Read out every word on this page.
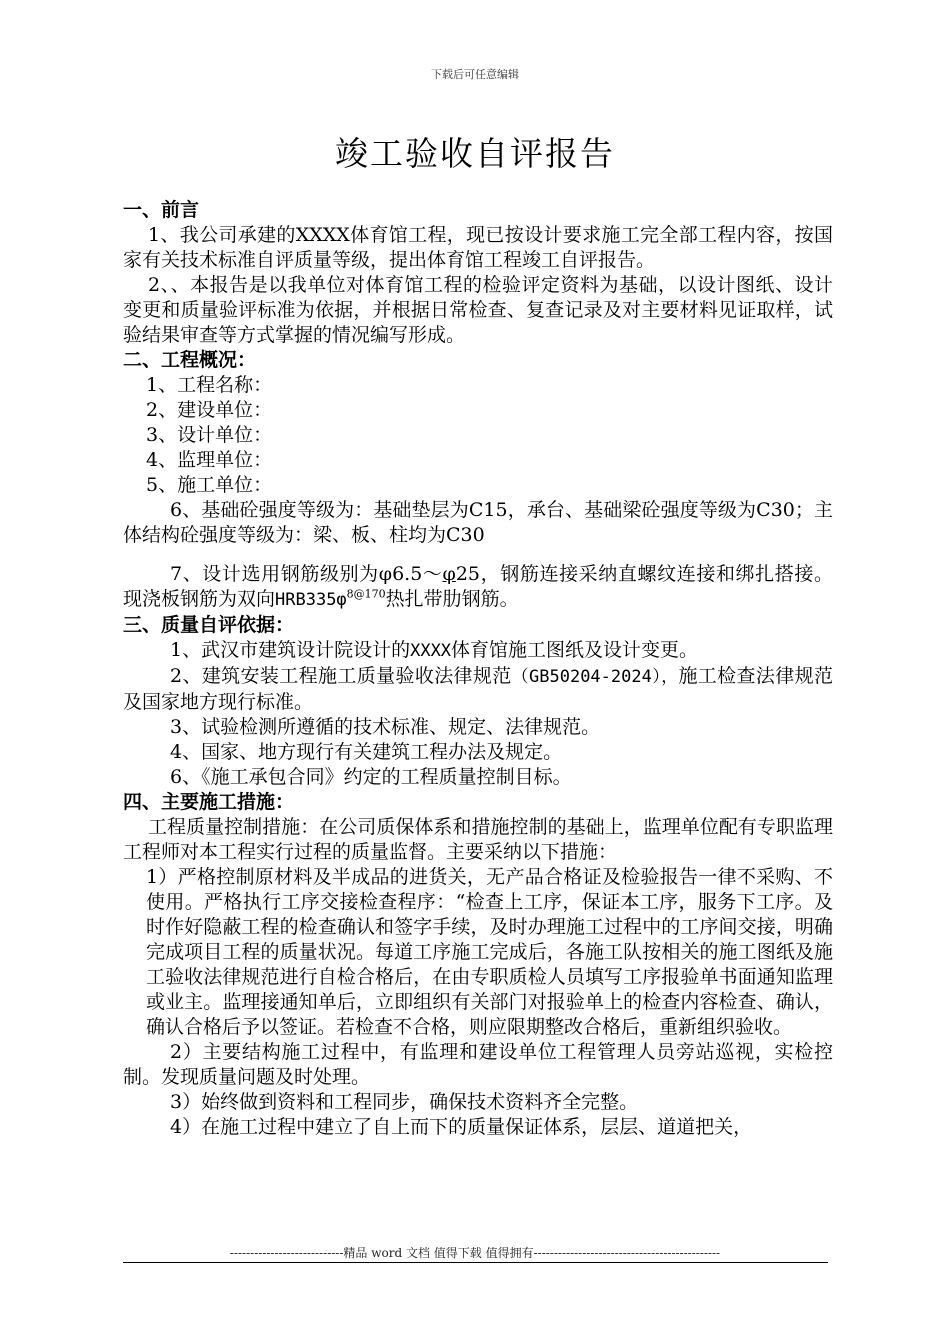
下载后可任意编辑
竣工验收自评报告
一、前言

1、我公司承建的XXXX体育馆工程，现已按设计要求施工完全部工程内容，按国家有关技术标准自评质量等级，提出体育馆工程竣工自评报告。

2、、本报告是以我单位对体育馆工程的检验评定资料为基础，以设计图纸、设计变更和质量验评标准为依据，并根据日常检查、复查记录及对主要材料见证取样，试验结果审查等方式掌握的情况编写形成。

二、工程概况：

1、工程名称：

2、建设单位：

3、设计单位：

4、监理单位：

5、施工单位：

6、基础砼强度等级为：基础垫层为C15，承台、基础梁砼强度等级为C30；主体结构砼强度等级为：梁、板、柱均为C30

7、设计选用钢筋级别为φ6.5～φ25，钢筋连接采纳直螺纹连接和绑扎搭接。现浇板钢筋为双向$HRB335\varphi^{8@170}$热扎带肋钢筋。

三、质量自评依据：

1、武汉市建筑设计院设计的XXXX体育馆施工图纸及设计变更。

2、建筑安装工程施工质量验收法律规范（GB50204-2024），施工检查法律规范及国家地方现行标准。

3、试验检测所遵循的技术标准、规定、法律规范。

4、国家、地方现行有关建筑工程办法及规定。

6、《施工承包合同》约定的工程质量控制目标。

四、主要施工措施：

工程质量控制措施：在公司质保体系和措施控制的基础上，监理单位配有专职监理工程师对本工程实行过程的质量监督。主要采纳以下措施：

1）严格控制原材料及半成品的进货关，无产品合格证及检验报告一律不采购、不使用。严格执行工序交接检查程序：“检查上工序，保证本工序，服务下工序。及时作好隐蔽工程的检查确认和签字手续，及时办理施工过程中的工序间交接，明确完成项目工程的质量状况。每道工序施工完成后，各施工队按相关的施工图纸及施工验收法律规范进行自检合格后，在由专职质检人员填写工序报验单书面通知监理或业主。监理接通知单后，立即组织有关部门对报验单上的检查内容检查、确认，确认合格后予以签证。若检查不合格，则应限期整改合格后，重新组织验收。

2）主要结构施工过程中，有监理和建设单位工程管理人员旁站巡视，实检控制。发现质量问题及时处理。

3）始终做到资料和工程同步，确保技术资料齐全完整。

4）在施工过程中建立了自上而下的质量保证体系，层层、道道把关，

----------------------------精品 word 文档 值得下载 值得拥有----------------------------------------------
